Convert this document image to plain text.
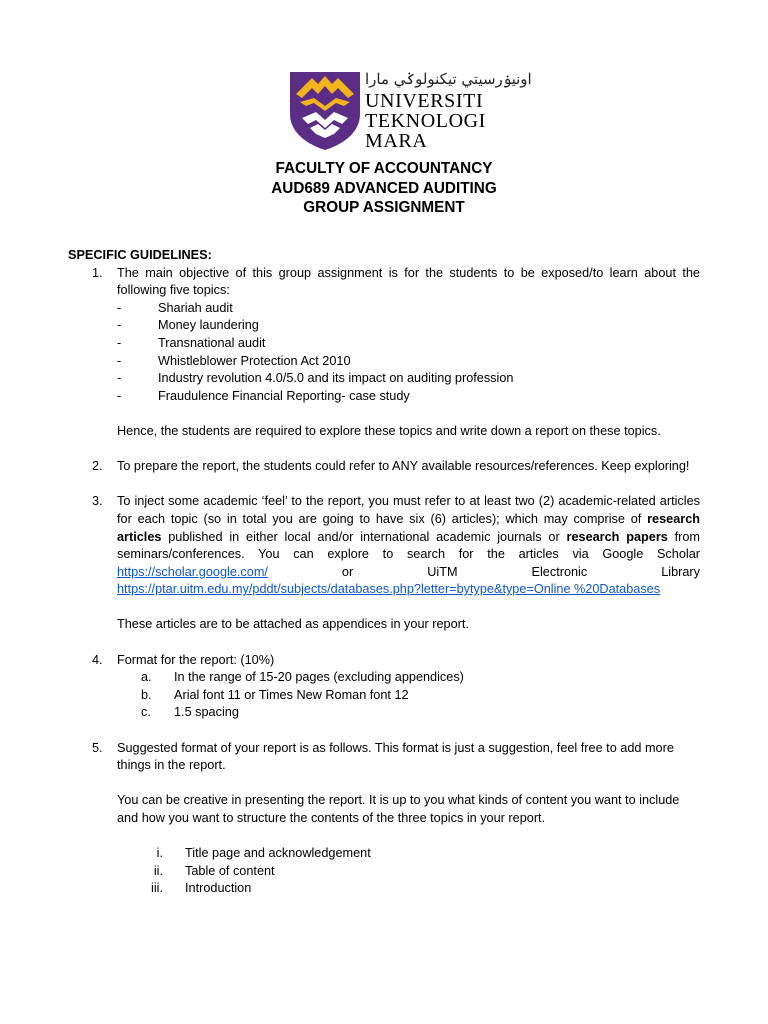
اونيۏرسيتي تيکنولوݢي مارا
UNIVERSITI
TEKNOLOGI
MARA
FACULTY OF ACCOUNTANCY
AUD689 ADVANCED AUDITING
GROUP ASSIGNMENT
SPECIFIC GUIDELINES:
1. The main objective of this group assignment is for the students to be exposed/to learn about the following five topics:
-	Shariah audit
-	Money laundering
-	Transnational audit
-	Whistleblower Protection Act 2010
-	Industry revolution 4.0/5.0 and its impact on auditing profession
-	Fraudulence Financial Reporting- case study
Hence, the students are required to explore these topics and write down a report on these topics.
2. To prepare the report, the students could refer to ANY available resources/references. Keep exploring!
3. To inject some academic ‘feel’ to the report, you must refer to at least two (2) academic-related articles for each topic (so in total you are going to have six (6) articles); which may comprise of research articles published in either local and/or international academic journals or research papers from seminars/conferences. You can explore to search for the articles via Google Scholar https://scholar.google.com/ or UiTM Electronic Library https://ptar.uitm.edu.my/pddt/subjects/databases.php?letter=bytype&type=Online %20Databases
These articles are to be attached as appendices in your report.
4. Format for the report: (10%)
a. In the range of 15-20 pages (excluding appendices)
b. Arial font 11 or Times New Roman font 12
c. 1.5 spacing
5. Suggested format of your report is as follows. This format is just a suggestion, feel free to add more things in the report.
You can be creative in presenting the report. It is up to you what kinds of content you want to include and how you want to structure the contents of the three topics in your report.
i. Title page and acknowledgement
ii. Table of content
iii. Introduction
